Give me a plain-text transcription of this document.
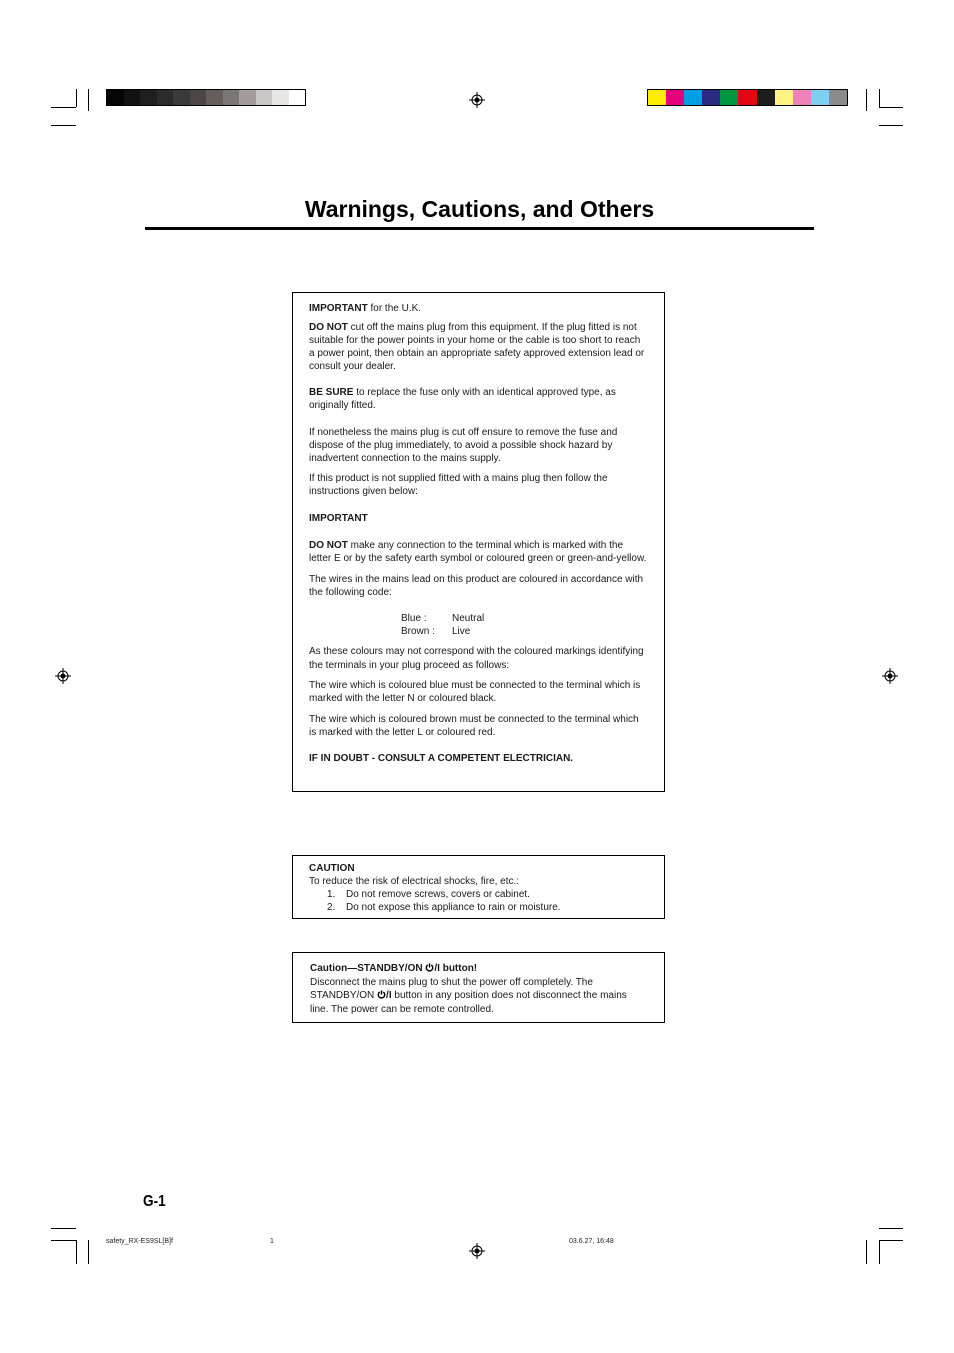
Warnings, Cautions, and Others

IMPORTANT for the U.K.

DO NOT cut off the mains plug from this equipment. If the plug fitted is not suitable for the power points in your home or the cable is too short to reach a power point, then obtain an appropriate safety approved extension lead or consult your dealer.

BE SURE to replace the fuse only with an identical approved type, as originally fitted.

If nonetheless the mains plug is cut off ensure to remove the fuse and dispose of the plug immediately, to avoid a possible shock hazard by inadvertent connection to the mains supply.

If this product is not supplied fitted with a mains plug then follow the instructions given below:

IMPORTANT

DO NOT make any connection to the terminal which is marked with the letter E or by the safety earth symbol or coloured green or green-and-yellow.

The wires in the mains lead on this product are coloured in accordance with the following code:

Blue :	Neutral
Brown :	Live

As these colours may not correspond with the coloured markings identifying the terminals in your plug proceed as follows:

The wire which is coloured blue must be connected to the terminal which is marked with the letter N or coloured black.

The wire which is coloured brown must be connected to the terminal which is marked with the letter L or coloured red.

IF IN DOUBT - CONSULT A COMPETENT ELECTRICIAN.

CAUTION

To reduce the risk of electrical shocks, fire, etc.:

1.	Do not remove screws, covers or cabinet.
2.	Do not expose this appliance to rain or moisture.

Caution—STANDBY/ON /I button!

Disconnect the mains plug to shut the power off completely. The

STANDBY/ON /I button in any position does not disconnect the mains

line. The power can be remote controlled.

G-1
safety_RX-ES9SL[B]f	1	03.6.27, 16:48
